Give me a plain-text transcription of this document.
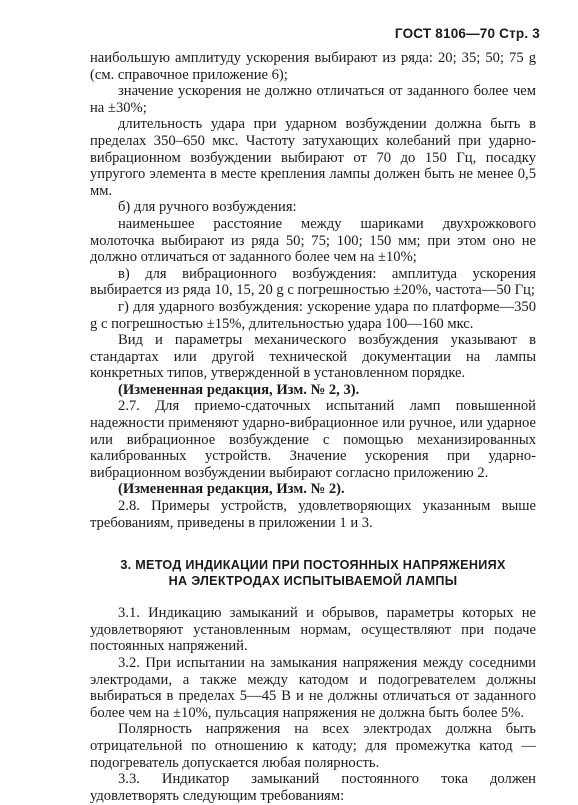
ГОСТ 8106—70 Стр. 3

наибольшую амплитуду ускорения выбирают из ряда: 20; 35; 50; 75 g (см. справочное приложение 6);

значение ускорения не должно отличаться от заданного более чем на ±30%;

длительность удара при ударном возбуждении должна быть в пределах 350–650 мкс. Частоту затухающих колебаний при ударно-вибрационном возбуждении выбирают от 70 до 150 Гц, посадку упругого элемента в месте крепления лампы должен быть не менее 0,5 мм.

б) для ручного возбуждения:

наименьшее расстояние между шариками двухрожкового молоточка выбирают из ряда 50; 75; 100; 150 мм; при этом оно не должно отличаться от заданного более чем на ±10%;

в) для вибрационного возбуждения: амплитуда ускорения выбирается из ряда 10, 15, 20 g с погрешностью ±20%, частота—50 Гц;

г) для ударного возбуждения: ускорение удара по платформе—350 g с погрешностью ±15%, длительностью удара 100—160 мкс.

Вид и параметры механического возбуждения указывают в стандартах или другой технической документации на лампы конкретных типов, утвержденной в установленном порядке.

(Измененная редакция, Изм. № 2, 3).

2.7. Для приемо-сдаточных испытаний ламп повышенной надежности применяют ударно-вибрационное или ручное, или ударное или вибрационное возбуждение с помощью механизированных калиброванных устройств. Значение ускорения при ударно-вибрационном возбуждении выбирают согласно приложению 2.

(Измененная редакция, Изм. № 2).

2.8. Примеры устройств, удовлетворяющих указанным выше требованиям, приведены в приложении 1 и 3.

3. МЕТОД ИНДИКАЦИИ ПРИ ПОСТОЯННЫХ НАПРЯЖЕНИЯХ
НА ЭЛЕКТРОДАХ ИСПЫТЫВАЕМОЙ ЛАМПЫ

3.1. Индикацию замыканий и обрывов, параметры которых не удовлетворяют установленным нормам, осуществляют при подаче постоянных напряжений.

3.2. При испытании на замыкания напряжения между соседними электродами, а также между катодом и подогревателем должны выбираться в пределах 5—45 В и не должны отличаться от заданного более чем на ±10%, пульсация напряжения не должна быть более 5%.

Полярность напряжения на всех электродах должна быть отрицательной по отношению к катоду; для промежутка катод — подогреватель допускается любая полярность.

3.3. Индикатор замыканий постоянного тока должен удовлетворять следующим требованиям:
